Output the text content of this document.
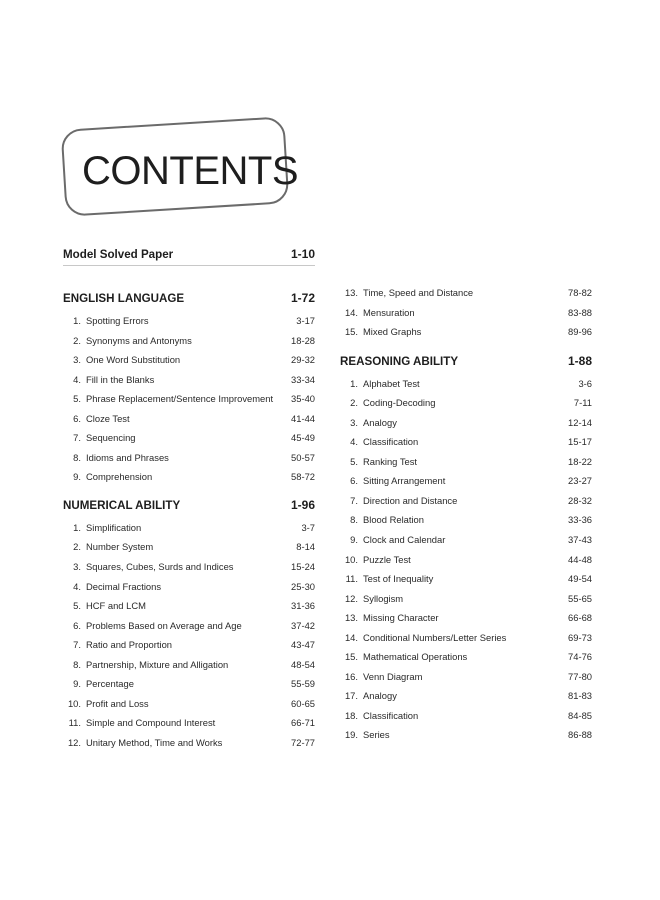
CONTENTS
Model Solved Paper	1-10
ENGLISH LANGUAGE	1-72
1. Spotting Errors	3-17
2. Synonyms and Antonyms	18-28
3. One Word Substitution	29-32
4. Fill in the Blanks	33-34
5. Phrase Replacement/Sentence Improvement 35-40
6. Cloze Test	41-44
7. Sequencing	45-49
8. Idioms and Phrases	50-57
9. Comprehension	58-72
NUMERICAL ABILITY	1-96
1. Simplification	3-7
2. Number System	8-14
3. Squares, Cubes, Surds and Indices	15-24
4. Decimal Fractions	25-30
5. HCF and LCM	31-36
6. Problems Based on Average and Age	37-42
7. Ratio and Proportion	43-47
8. Partnership, Mixture and Alligation	48-54
9. Percentage	55-59
10. Profit and Loss	60-65
11. Simple and Compound Interest	66-71
12. Unitary Method, Time and Works	72-77
13. Time, Speed and Distance	78-82
14. Mensuration	83-88
15. Mixed Graphs	89-96
REASONING ABILITY	1-88
1. Alphabet Test	3-6
2. Coding-Decoding	7-11
3. Analogy	12-14
4. Classification	15-17
5. Ranking Test	18-22
6. Sitting Arrangement	23-27
7. Direction and Distance	28-32
8. Blood Relation	33-36
9. Clock and Calendar	37-43
10. Puzzle Test	44-48
11. Test of Inequality	49-54
12. Syllogism	55-65
13. Missing Character	66-68
14. Conditional Numbers/Letter Series	69-73
15. Mathematical Operations	74-76
16. Venn Diagram	77-80
17. Analogy	81-83
18. Classification	84-85
19. Series	86-88
